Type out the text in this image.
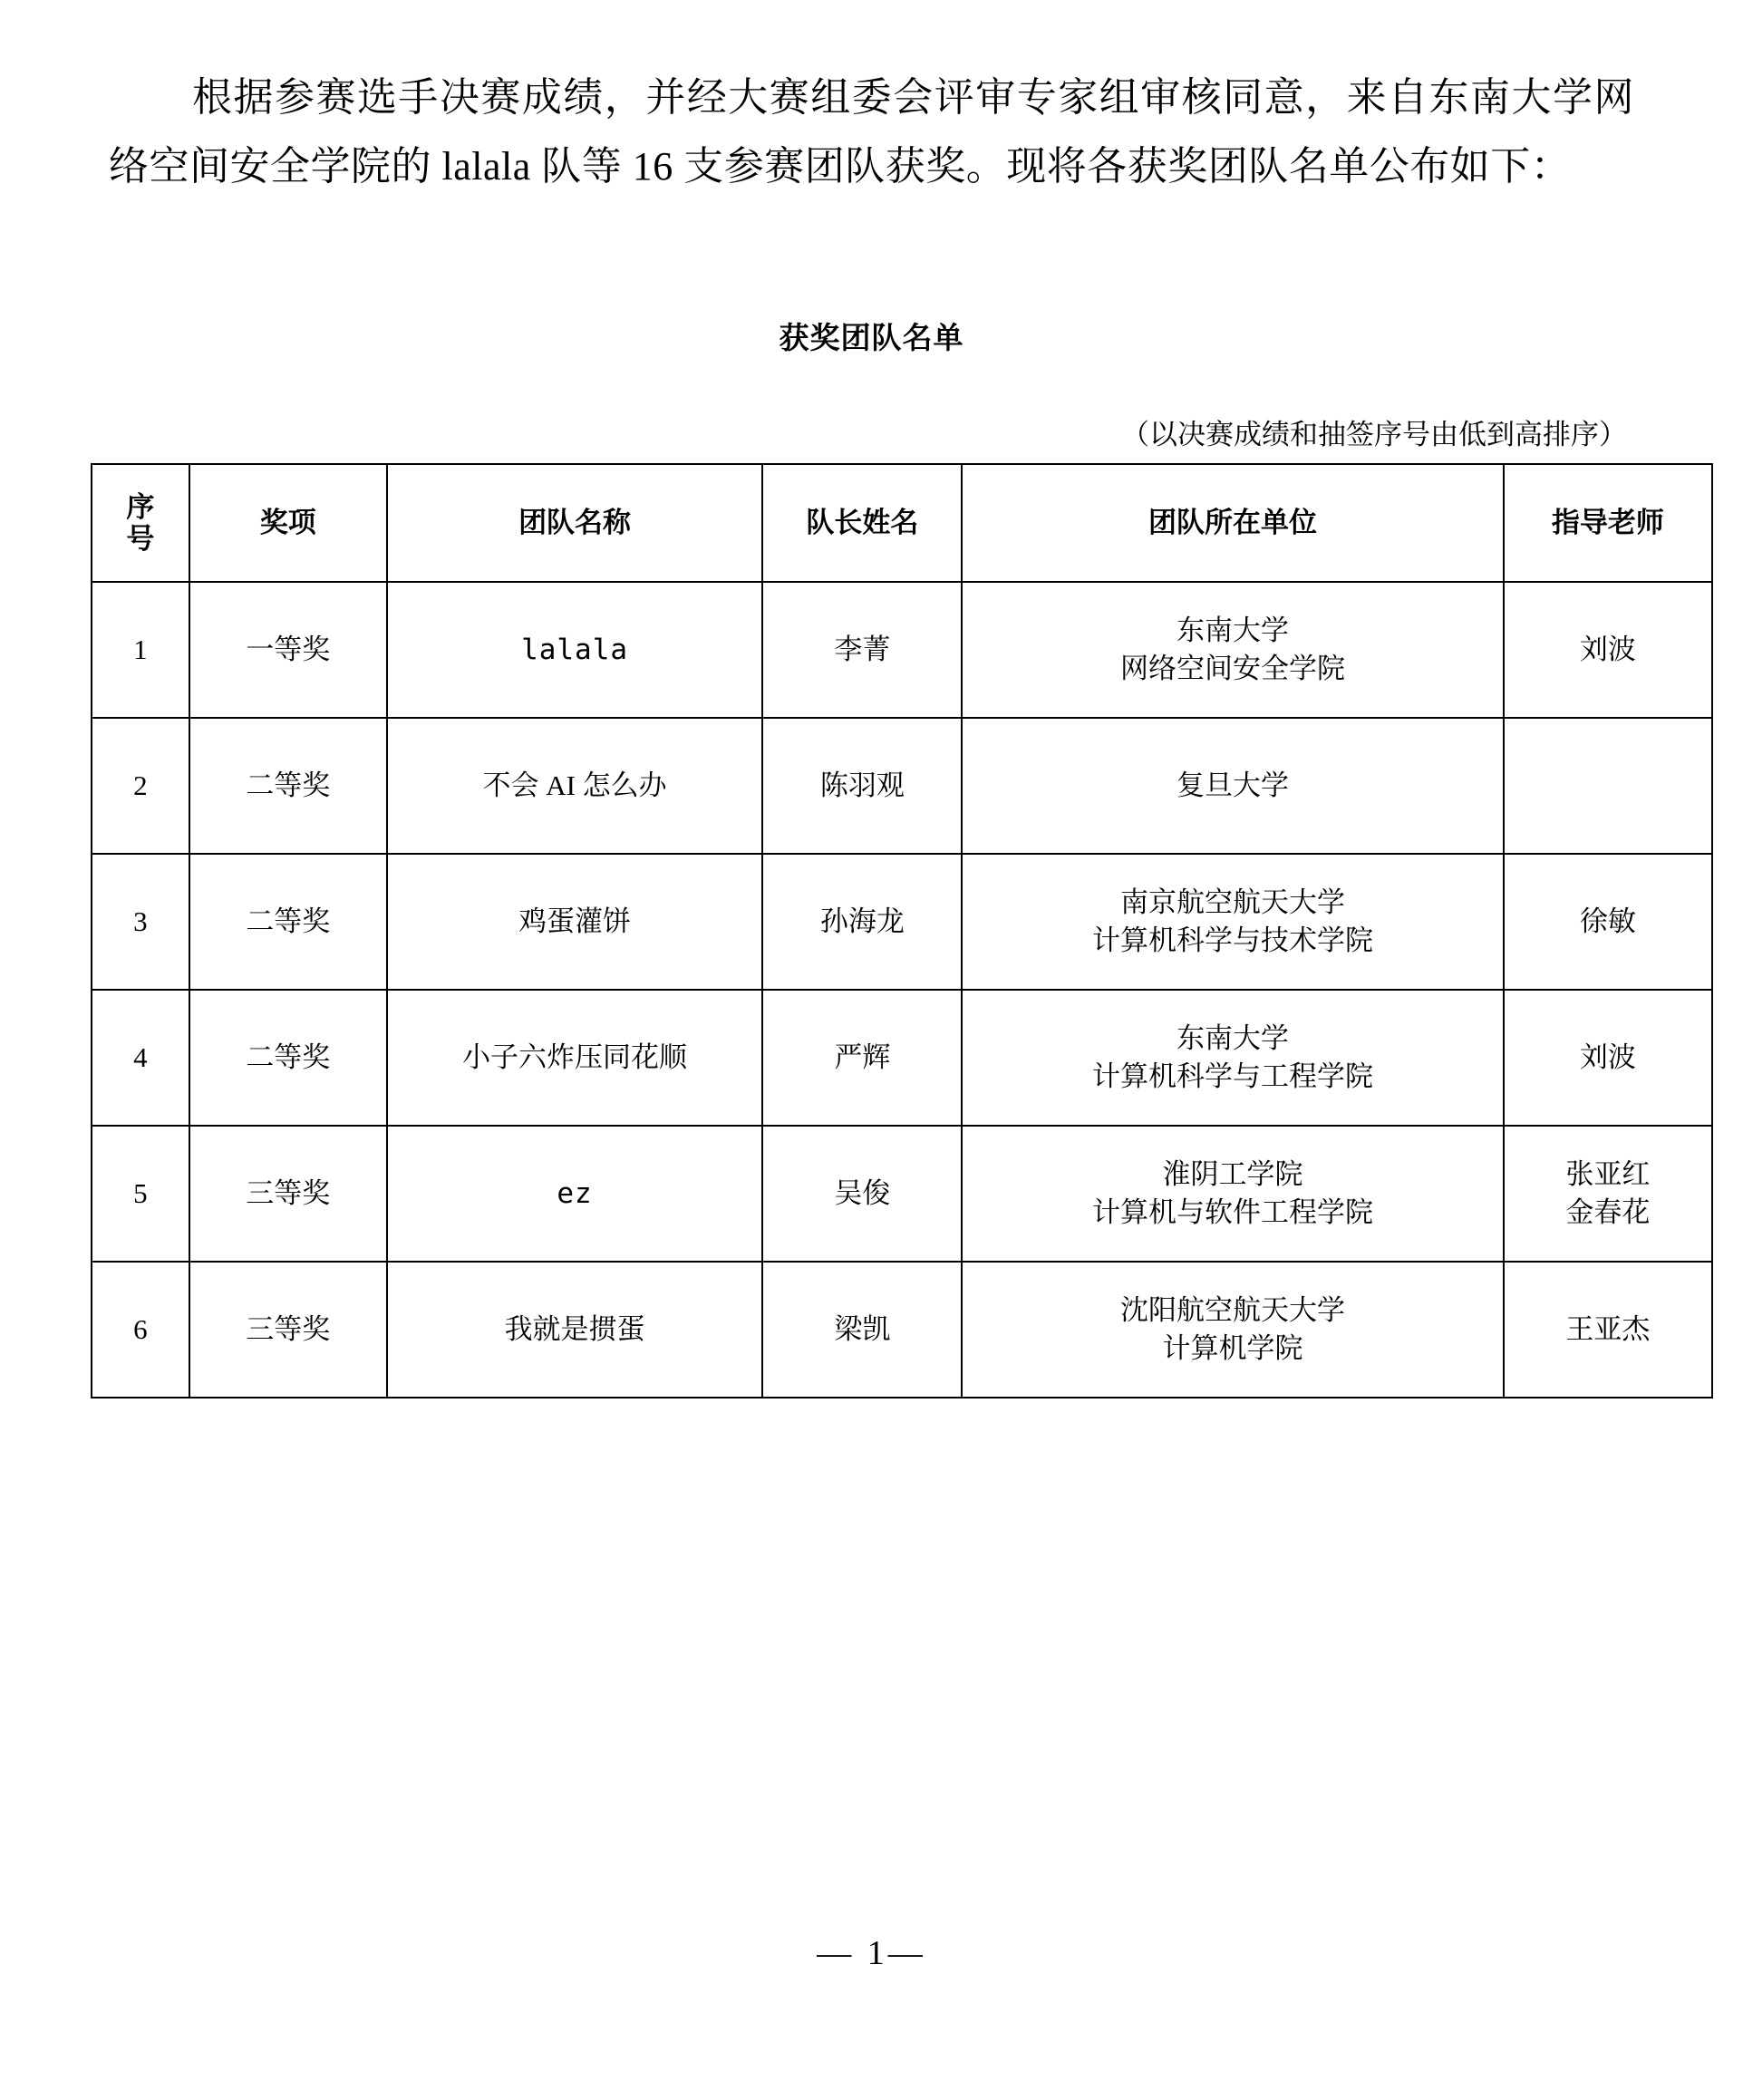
根据参赛选手决赛成绩，并经大赛组委会评审专家组审核同意，来自东南大学网络空间安全学院的 lalala 队等 16 支参赛团队获奖。现将各获奖团队名单公布如下：

获奖团队名单
（以决赛成绩和抽签序号由低到高排序）
序
号	奖项	团队名称	队长姓名	团队所在单位	指导老师
1	一等奖	lalala	李菁	东南大学
网络空间安全学院	刘波

2	二等奖	不会 AI 怎么办	陈羽观	复旦大学	

3	二等奖	鸡蛋灌饼	孙海龙	南京航空航天大学
计算机科学与技术学院	徐敏

4	二等奖	小子六炸压同花顺	严辉	东南大学
计算机科学与工程学院	刘波

5	三等奖	ez	吴俊	淮阴工学院
计算机与软件工程学院	张亚红
金春花

6	三等奖	我就是掼蛋	梁凯	沈阳航空航天大学
计算机学院	王亚杰
— 1—
